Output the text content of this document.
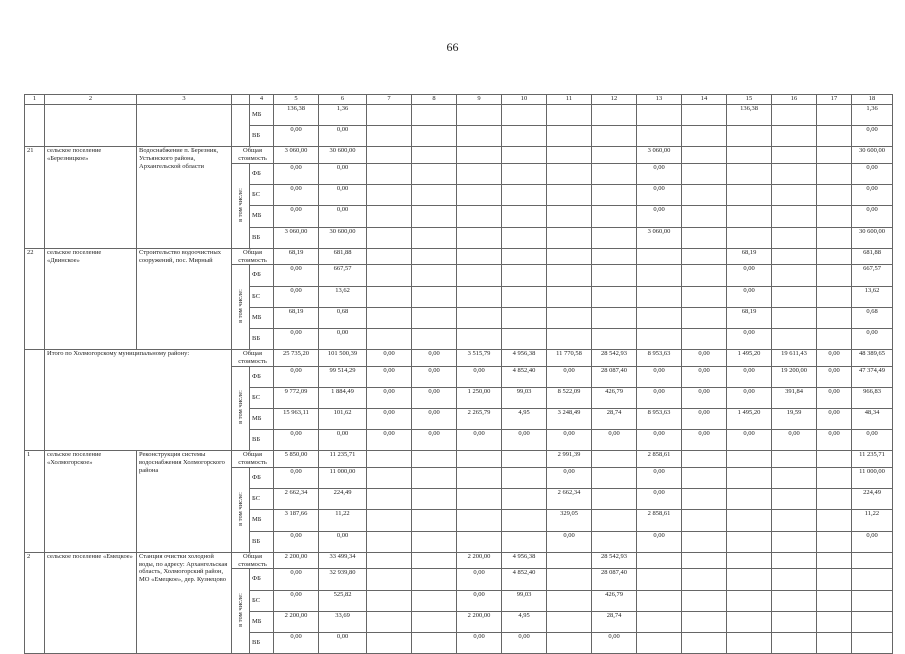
66
1	2	3		4	5	6	7	8	9	10	11	12	13	14	15	16	17	18
				МБ	136,38	1,36									136,38			1,36
				ВБ	0,00	0,00												0,00
21	сельское поселение «Березницкое»	Водоснабжение п. Березник, Устьянского района, Архангельской области	Общая стоимость		3 060,00	30 600,00							3 060,00					30 600,00
			в том числе:	ФБ	0,00	0,00							0,00					0,00
				БС	0,00	0,00							0,00					0,00
				МБ	0,00	0,00							0,00					0,00
				ВБ	3 060,00	30 600,00							3 060,00					30 600,00
22	сельское поселение «Двинское»	Строительство водоочистных сооружений, пос. Мирный	Общая стоимость		68,19	681,88									68,19			681,88
			в том числе:	ФБ	0,00	667,57									0,00			667,57
				БС	0,00	13,62									0,00			13,62
				МБ	68,19	0,68									68,19			0,68
				ВБ	0,00	0,00									0,00			0,00
	Итого по Холмогорскому муниципальному району:		Общая стоимость		25 735,20	101 500,39	0,00	0,00	3 515,79	4 956,38	11 770,58	28 542,93	8 953,63	0,00	1 495,20	19 611,43	0,00	48 389,65
			в том числе:	ФБ	0,00	99 514,29	0,00	0,00	0,00	4 852,40	0,00	28 087,40	0,00	0,00	0,00	19 200,00	0,00	47 374,49
				БС	9 772,09	1 884,49	0,00	0,00	1 250,00	99,03	8 522,09	426,79	0,00	0,00	0,00	391,84	0,00	966,83
				МБ	15 963,11	101,62	0,00	0,00	2 265,79	4,95	3 248,49	28,74	8 953,63	0,00	1 495,20	19,59	0,00	48,34
				ВБ	0,00	0,00	0,00	0,00	0,00	0,00	0,00	0,00	0,00	0,00	0,00	0,00	0,00	0,00
1	сельское поселение «Холмогорское»	Реконструкция системы водоснабжения Холмогорского района	Общая стоимость		5 850,00	11 235,71					2 991,39		2 858,61					11 235,71
			в том числе:	ФБ	0,00	11 000,00					0,00		0,00					11 000,00
				БС	2 662,34	224,49					2 662,34		0,00					224,49
				МБ	3 187,66	11,22					329,05		2 858,61					11,22
				ВБ	0,00	0,00					0,00		0,00					0,00
2	сельское поселение «Емецкое»	Станция очистки холодной воды, по адресу: Архангельская область, Холмогорский район, МО «Емецкое», дер. Кузнецово	Общая стоимость		2 200,00	33 499,34			2 200,00	4 956,38		28 542,93						
			в том числе:	ФБ	0,00	32 939,80			0,00	4 852,40		28 087,40						
				БС	0,00	525,82			0,00	99,03		426,79						
				МБ	2 200,00	33,69			2 200,00	4,95		28,74						
				ВБ	0,00	0,00			0,00	0,00		0,00						
